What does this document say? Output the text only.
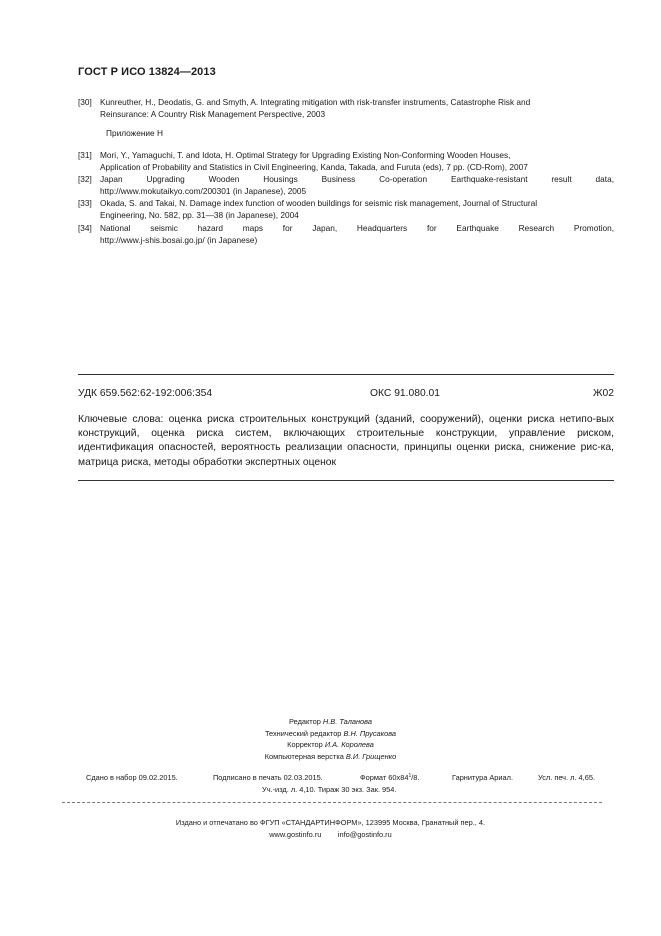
ГОСТ Р ИСО 13824—2013
[30] Kunreuther, H., Deodatis, G. and Smyth, A. Integrating mitigation with risk-transfer instruments, Catastrophe Risk and
Reinsurance: A Country Risk Management Perspective, 2003
Приложение H
[31] Mori, Y., Yamaguchi, T. and Idota, H. Optimal Strategy for Upgrading Existing Non-Conforming Wooden Houses,
Application of Probability and Statistics in Civil Engineering, Kanda, Takada, and Furuta (eds), 7 pp. (CD-Rom), 2007
[32] Japan Upgrading Wooden Housings Business Co-operation Earthquake-resistant result data,
http://www.mokutaikyo.com/200301 (in Japanese), 2005
[33] Okada, S. and Takai, N. Damage index function of wooden buildings for seismic risk management, Journal of Structural
Engineering, No. 582, pp. 31—38 (in Japanese), 2004
[34] National seismic hazard maps for Japan, Headquarters for Earthquake Research Promotion,
http://www.j-shis.bosai.go.jp/ (in Japanese)
УДК 659.562:62-192:006:354	ОКС 91.080.01	Ж02
Ключевые слова: оценка риска строительных конструкций (зданий, сооружений), оценки риска нетипо-вых конструкций, оценка риска систем, включающих строительные конструкции, управление риском, идентификация опасностей, вероятность реализации опасности, принципы оценки риска, снижение рис-ка, матрица риска, методы обработки экспертных оценок
Редактор Н.В. Таланова
Технический редактор В.Н. Прусакова
Корректор И.А. Королева
Компьютерная верстка В.И. Грищенко
Сдано в набор 09.02.2015.	Подписано в печать 02.03.2015.	Формат $60x84^1/8$.	Гарнитура Ариал.	Усл. печ. л. 4,65.
Уч.-изд. л. 4,10. Тираж 30 экз. Зак. 954.
Издано и отпечатано во ФГУП «СТАНДАРТИНФОРМ», 123995 Москва, Гранатный пер., 4.
www.gostinfo.ru info@gostinfo.ru
